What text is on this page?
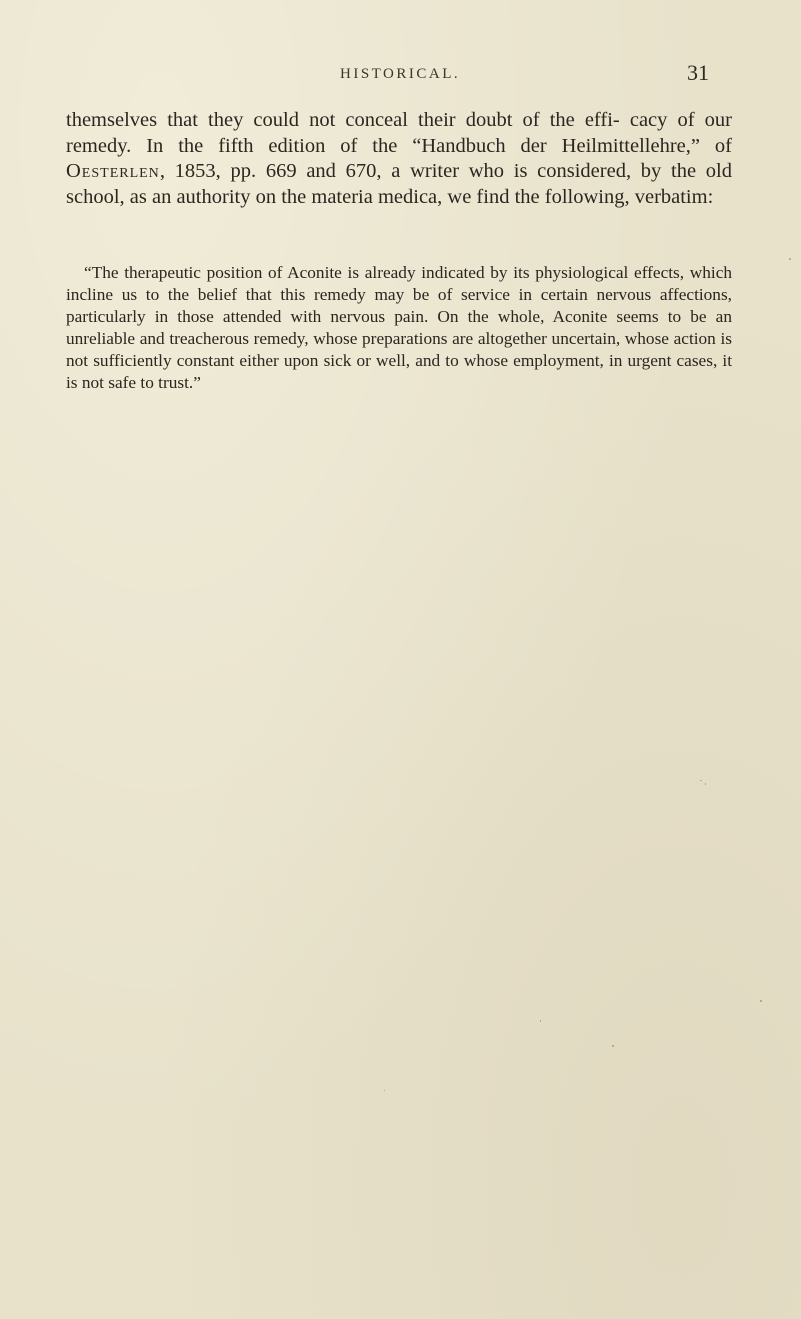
HISTORICAL.	31

themselves that they could not conceal their doubt of the effi- cacy of our remedy. In the fifth edition of the “Handbuch der Heilmittellehre,” of Oesterlen, 1853, pp. 669 and 670, a writer who is considered, by the old school, as an authority on the materia medica, we find the following, verbatim:

“The therapeutic position of Aconite is already indicated by its physiological effects, which incline us to the belief that this remedy may be of service in certain nervous affections, particularly in those attended with nervous pain. On the whole, Aconite seems to be an unreliable and treacherous remedy, whose preparations are altogether uncertain, whose action is not sufficiently constant either upon sick or well, and to whose employment, in urgent cases, it is not safe to trust.”
